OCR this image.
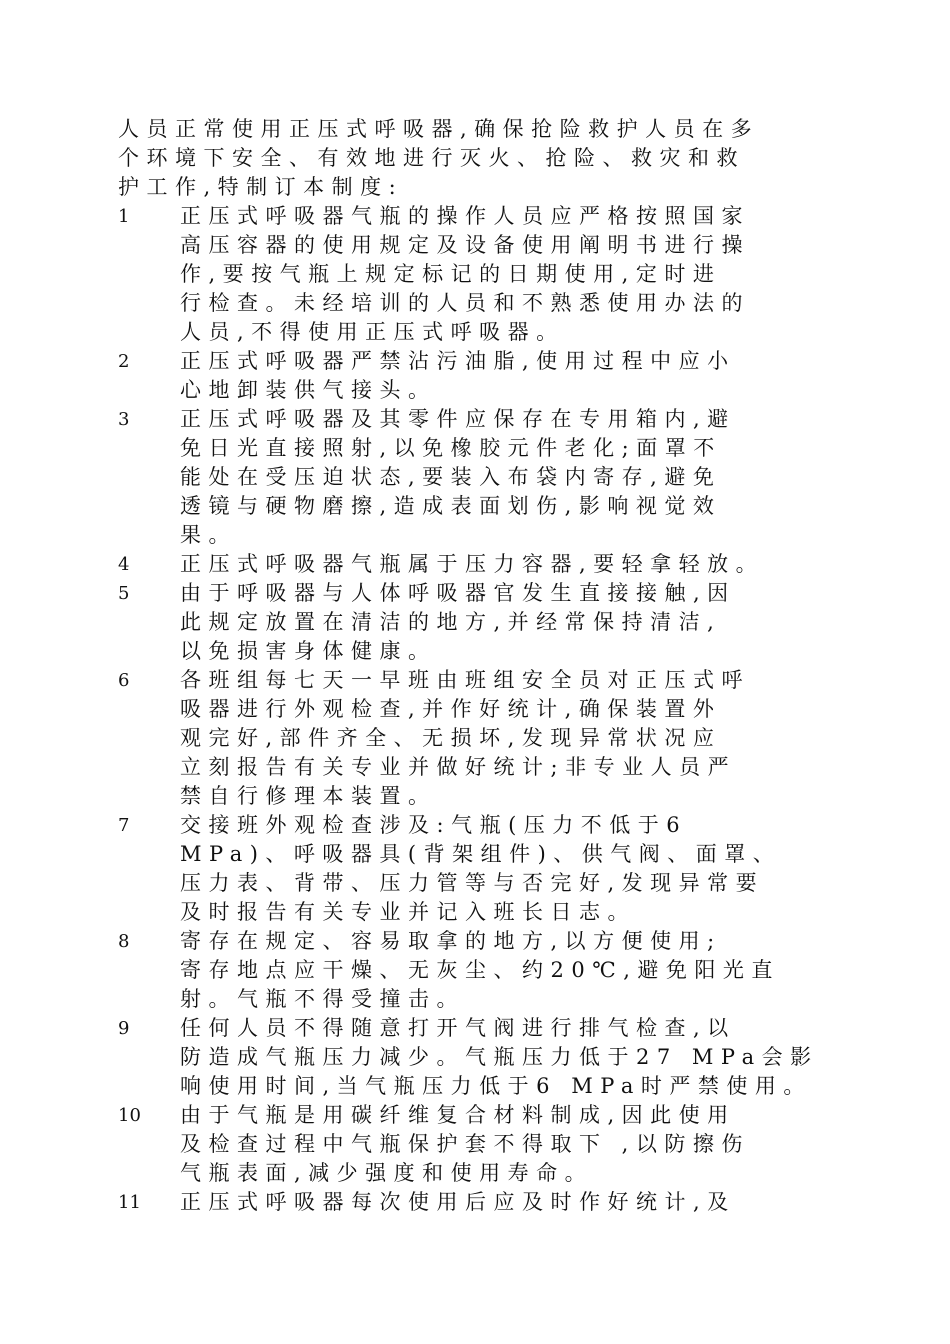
人员正常使用正压式呼吸器,确保抢险救护人员在多
个环境下安全、有效地进行灭火、抢险、救灾和救
护工作,特制订本制度:
1 正压式呼吸器气瓶的操作人员应严格按照国家
高压容器的使用规定及设备使用阐明书进行操
作,要按气瓶上规定标记的日期使用,定时进
行检查。未经培训的人员和不熟悉使用办法的
人员,不得使用正压式呼吸器。
2 正压式呼吸器严禁沾污油脂,使用过程中应小
心地卸装供气接头。
3 正压式呼吸器及其零件应保存在专用箱内,避
免日光直接照射,以免橡胶元件老化;面罩不
能处在受压迫状态,要装入布袋内寄存,避免
透镜与硬物磨擦,造成表面划伤,影响视觉效
果。
4 正压式呼吸器气瓶属于压力容器,要轻拿轻放。
5 由于呼吸器与人体呼吸器官发生直接接触,因
此规定放置在清洁的地方,并经常保持清洁,
以免损害身体健康。
6 各班组每七天一早班由班组安全员对正压式呼
吸器进行外观检查,并作好统计,确保装置外
观完好,部件齐全、无损坏,发现异常状况应
立刻报告有关专业并做好统计;非专业人员严
禁自行修理本装置。
7 交接班外观检查涉及:气瓶(压力不低于6
MPa)、呼吸器具(背架组件)、供气阀、面罩、
压力表、背带、压力管等与否完好,发现异常要
及时报告有关专业并记入班长日志。
8 寄存在规定、容易取拿的地方,以方便使用;
寄存地点应干燥、无灰尘、约20℃,避免阳光直
射。气瓶不得受撞击。
9 任何人员不得随意打开气阀进行排气检查,以
防造成气瓶压力减少。气瓶压力低于27 MPa会影
响使用时间,当气瓶压力低于6 MPa时严禁使用。
10 由于气瓶是用碳纤维复合材料制成,因此使用
及检查过程中气瓶保护套不得取下 ,以防擦伤
气瓶表面,减少强度和使用寿命。
11 正压式呼吸器每次使用后应及时作好统计,及
